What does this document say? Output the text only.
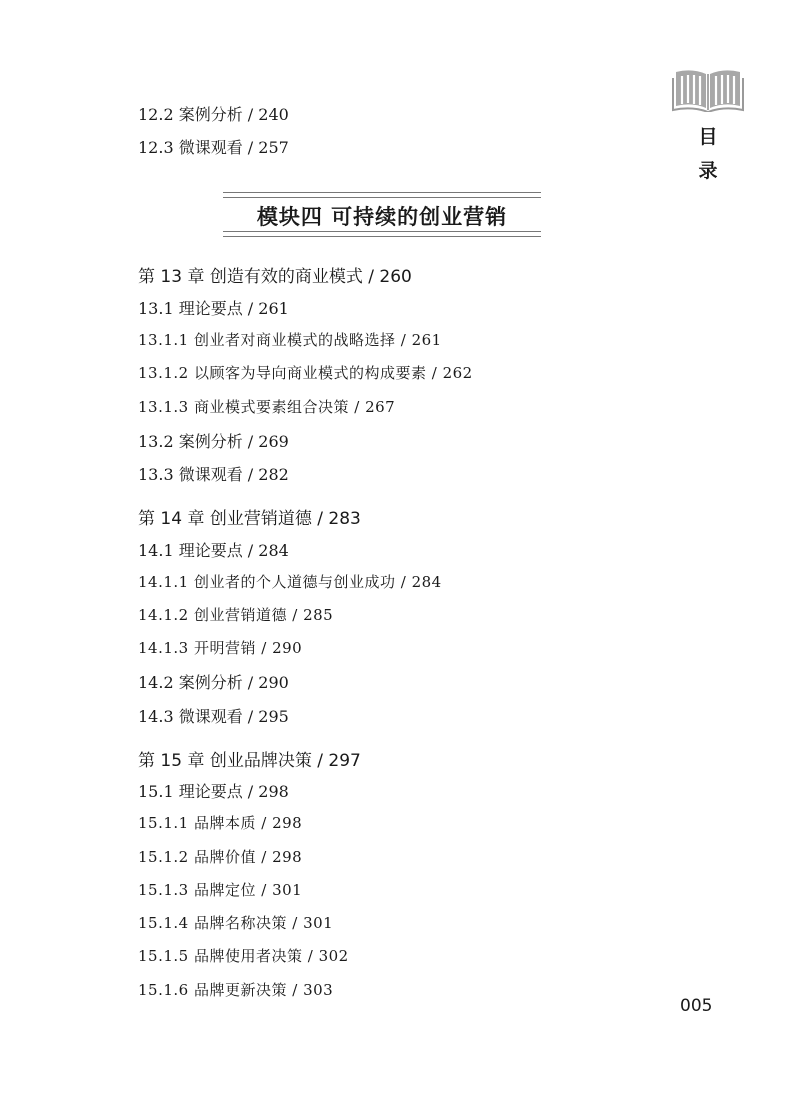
目
录
12.2 案例分析 / 240
12.3 微课观看 / 257
模块四 可持续的创业营销
第 13 章 创造有效的商业模式 / 260
13.1 理论要点 / 261
13.1.1 创业者对商业模式的战略选择 / 261
13.1.2 以顾客为导向商业模式的构成要素 / 262
13.1.3 商业模式要素组合决策 / 267
13.2 案例分析 / 269
13.3 微课观看 / 282
第 14 章 创业营销道德 / 283
14.1 理论要点 / 284
14.1.1 创业者的个人道德与创业成功 / 284
14.1.2 创业营销道德 / 285
14.1.3 开明营销 / 290
14.2 案例分析 / 290
14.3 微课观看 / 295
第 15 章 创业品牌决策 / 297
15.1 理论要点 / 298
15.1.1 品牌本质 / 298
15.1.2 品牌价值 / 298
15.1.3 品牌定位 / 301
15.1.4 品牌名称决策 / 301
15.1.5 品牌使用者决策 / 302
15.1.6 品牌更新决策 / 303
005
